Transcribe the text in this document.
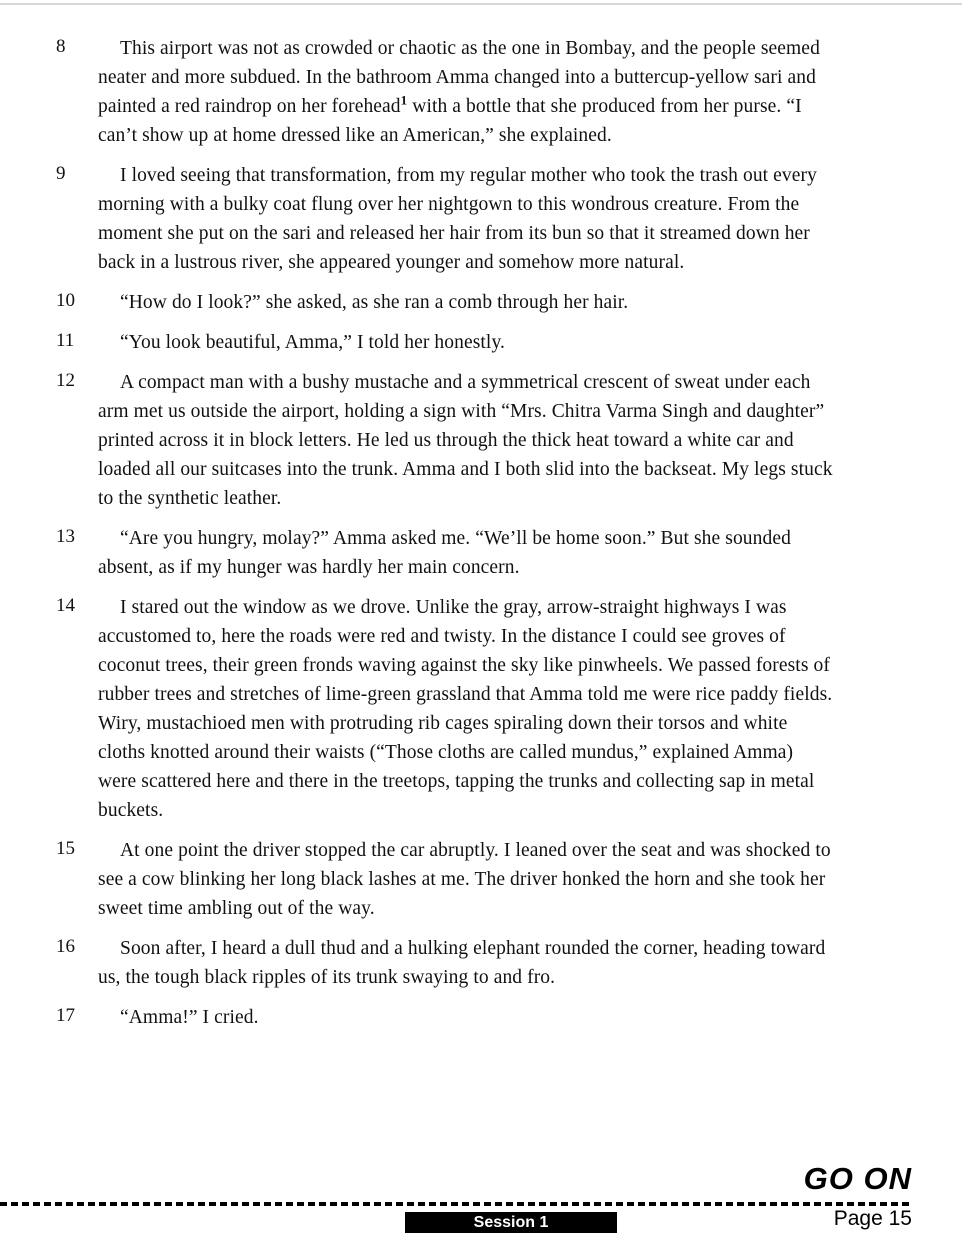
8	This airport was not as crowded or chaotic as the one in Bombay, and the people seemed neater and more subdued. In the bathroom Amma changed into a buttercup-yellow sari and painted a red raindrop on her forehead$^1$ with a bottle that she produced from her purse. “I can’t show up at home dressed like an American,” she explained.

9	I loved seeing that transformation, from my regular mother who took the trash out every morning with a bulky coat flung over her nightgown to this wondrous creature. From the moment she put on the sari and released her hair from its bun so that it streamed down her back in a lustrous river, she appeared younger and somehow more natural.

10	“How do I look?” she asked, as she ran a comb through her hair.

11	“You look beautiful, Amma,” I told her honestly.

12	A compact man with a bushy mustache and a symmetrical crescent of sweat under each arm met us outside the airport, holding a sign with “Mrs. Chitra Varma Singh and daughter” printed across it in block letters. He led us through the thick heat toward a white car and loaded all our suitcases into the trunk. Amma and I both slid into the backseat. My legs stuck to the synthetic leather.

13	“Are you hungry, molay?” Amma asked me. “We’ll be home soon.” But she sounded absent, as if my hunger was hardly her main concern.

14	I stared out the window as we drove. Unlike the gray, arrow-straight highways I was accustomed to, here the roads were red and twisty. In the distance I could see groves of coconut trees, their green fronds waving against the sky like pinwheels. We passed forests of rubber trees and stretches of lime-green grassland that Amma told me were rice paddy fields. Wiry, mustachioed men with protruding rib cages spiraling down their torsos and white cloths knotted around their waists (“Those cloths are called mundus,” explained Amma) were scattered here and there in the treetops, tapping the trunks and collecting sap in metal buckets.

15	At one point the driver stopped the car abruptly. I leaned over the seat and was shocked to see a cow blinking her long black lashes at me. The driver honked the horn and she took her sweet time ambling out of the way.

16	Soon after, I heard a dull thud and a hulking elephant rounded the corner, heading toward us, the tough black ripples of its trunk swaying to and fro.

17	“Amma!” I cried.

GO ON
Session 1	Page 15
